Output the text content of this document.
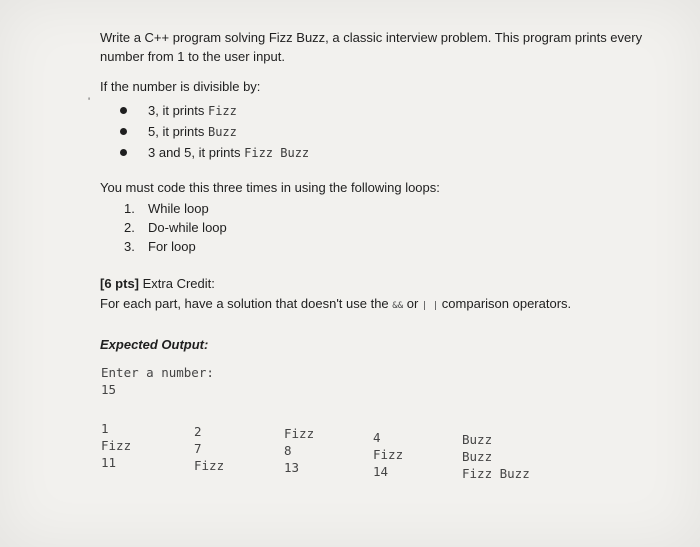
Write a C++ program solving Fizz Buzz, a classic interview problem. This program prints every
number from 1 to the user input.
If the number is divisible by:
'
3, it prints Fizz
5, it prints Buzz
3 and 5, it prints Fizz Buzz
You must code this three times in using the following loops:
1. While loop
2. Do-while loop
3. For loop
[6 pts] Extra Credit:
For each part, have a solution that doesn't use the && or | | comparison operators.
Expected Output:
Enter a number:
15
1
Fizz
11
2
7
Fizz
Fizz
8
13
4
Fizz
14
Buzz
Buzz
Fizz Buzz
